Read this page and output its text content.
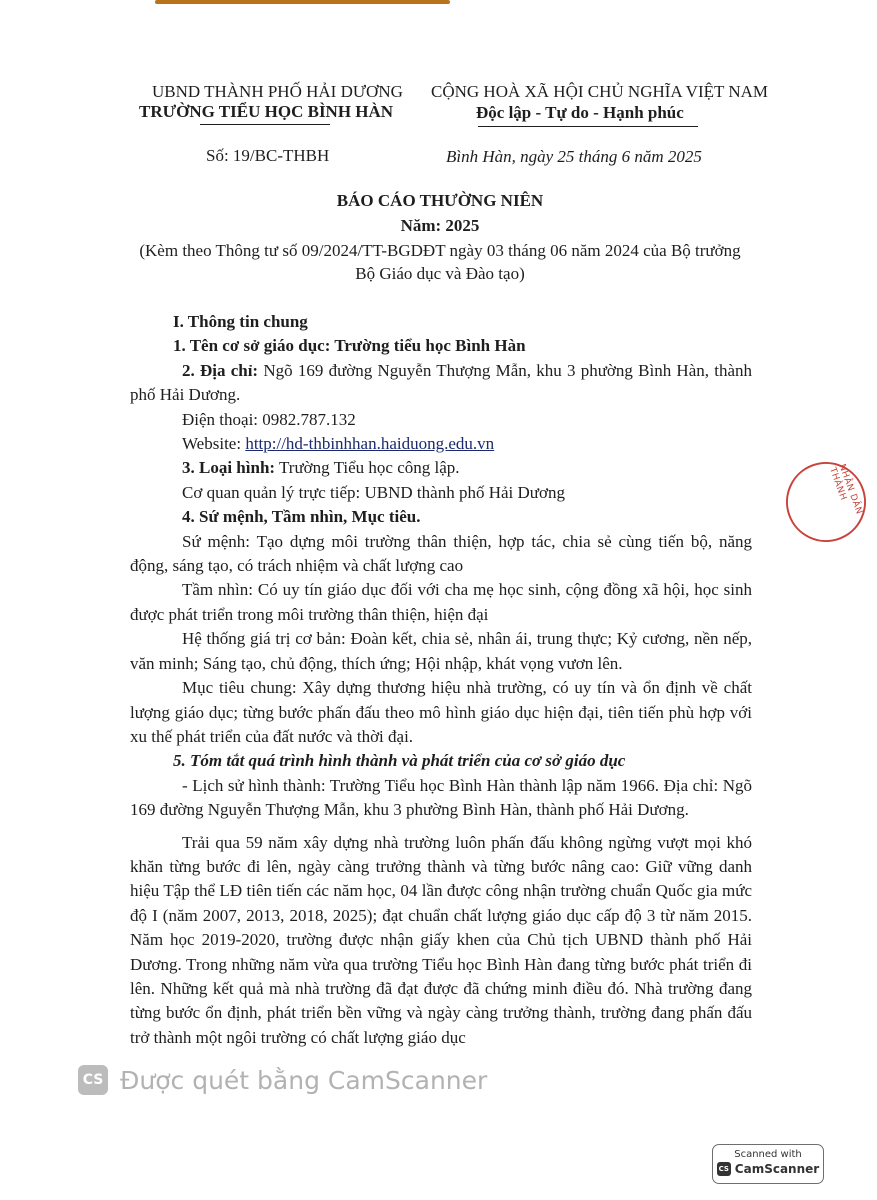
UBND THÀNH PHỐ HẢI DƯƠNG
TRƯỜNG TIỂU HỌC BÌNH HÀN
CỘNG HOÀ XÃ HỘI CHỦ NGHĨA VIỆT NAM
Độc lập - Tự do - Hạnh phúc
Số: 19/BC-THBH	Bình Hàn, ngày 25 tháng 6 năm 2025
BÁO CÁO THƯỜNG NIÊN
Năm: 2025
(Kèm theo Thông tư số 09/2024/TT-BGDĐT ngày 03 tháng 06 năm 2024 của Bộ trưởng
Bộ Giáo dục và Đào tạo)

I. Thông tin chung

1. Tên cơ sở giáo dục: Trường tiểu học Bình Hàn

2. Địa chỉ: Ngõ 169 đường Nguyễn Thượng Mẫn, khu 3 phường Bình Hàn, thành phố Hải Dương.

Điện thoại: 0982.787.132

Website: http://hd-thbinhhan.haiduong.edu.vn

3. Loại hình: Trường Tiểu học công lập.

Cơ quan quản lý trực tiếp: UBND thành phố Hải Dương

4. Sứ mệnh, Tầm nhìn, Mục tiêu.

Sứ mệnh: Tạo dựng môi trường thân thiện, hợp tác, chia sẻ cùng tiến bộ, năng động, sáng tạo, có trách nhiệm và chất lượng cao

Tầm nhìn: Có uy tín giáo dục đối với cha mẹ học sinh, cộng đồng xã hội, học sinh được phát triển trong môi trường thân thiện, hiện đại

Hệ thống giá trị cơ bản: Đoàn kết, chia sẻ, nhân ái, trung thực; Kỷ cương, nền nếp, văn minh; Sáng tạo, chủ động, thích ứng; Hội nhập, khát vọng vươn lên.

Mục tiêu chung: Xây dựng thương hiệu nhà trường, có uy tín và ổn định về chất lượng giáo dục; từng bước phấn đấu theo mô hình giáo dục hiện đại, tiên tiến phù hợp với xu thế phát triển của đất nước và thời đại.

5. Tóm tắt quá trình hình thành và phát triển của cơ sở giáo dục

- Lịch sử hình thành: Trường Tiểu học Bình Hàn thành lập năm 1966. Địa chỉ: Ngõ 169 đường Nguyễn Thượng Mẫn, khu 3 phường Bình Hàn, thành phố Hải Dương.

Trải qua 59 năm xây dựng nhà trường luôn phấn đấu không ngừng vượt mọi khó khăn từng bước đi lên, ngày càng trưởng thành và từng bước nâng cao: Giữ vững danh hiệu Tập thể LĐ tiên tiến các năm học, 04 lần được công nhận trường chuẩn Quốc gia mức độ I (năm 2007, 2013, 2018, 2025); đạt chuẩn chất lượng giáo dục cấp độ 3 từ năm 2015. Năm học 2019-2020, trường được nhận giấy khen của Chủ tịch UBND thành phố Hải Dương. Trong những năm vừa qua trường Tiểu học Bình Hàn đang từng bước phát triển đi lên. Những kết quả mà nhà trường đã đạt được đã chứng minh điều đó. Nhà trường đang từng bước ổn định, phát triển bền vững và ngày càng trưởng thành, trường đang phấn đấu trở thành một ngôi trường có chất lượng giáo dục

NHÂN DÂN THÀNH
CS Được quét bằng CamScanner
Scanned with
CS CamScanner
